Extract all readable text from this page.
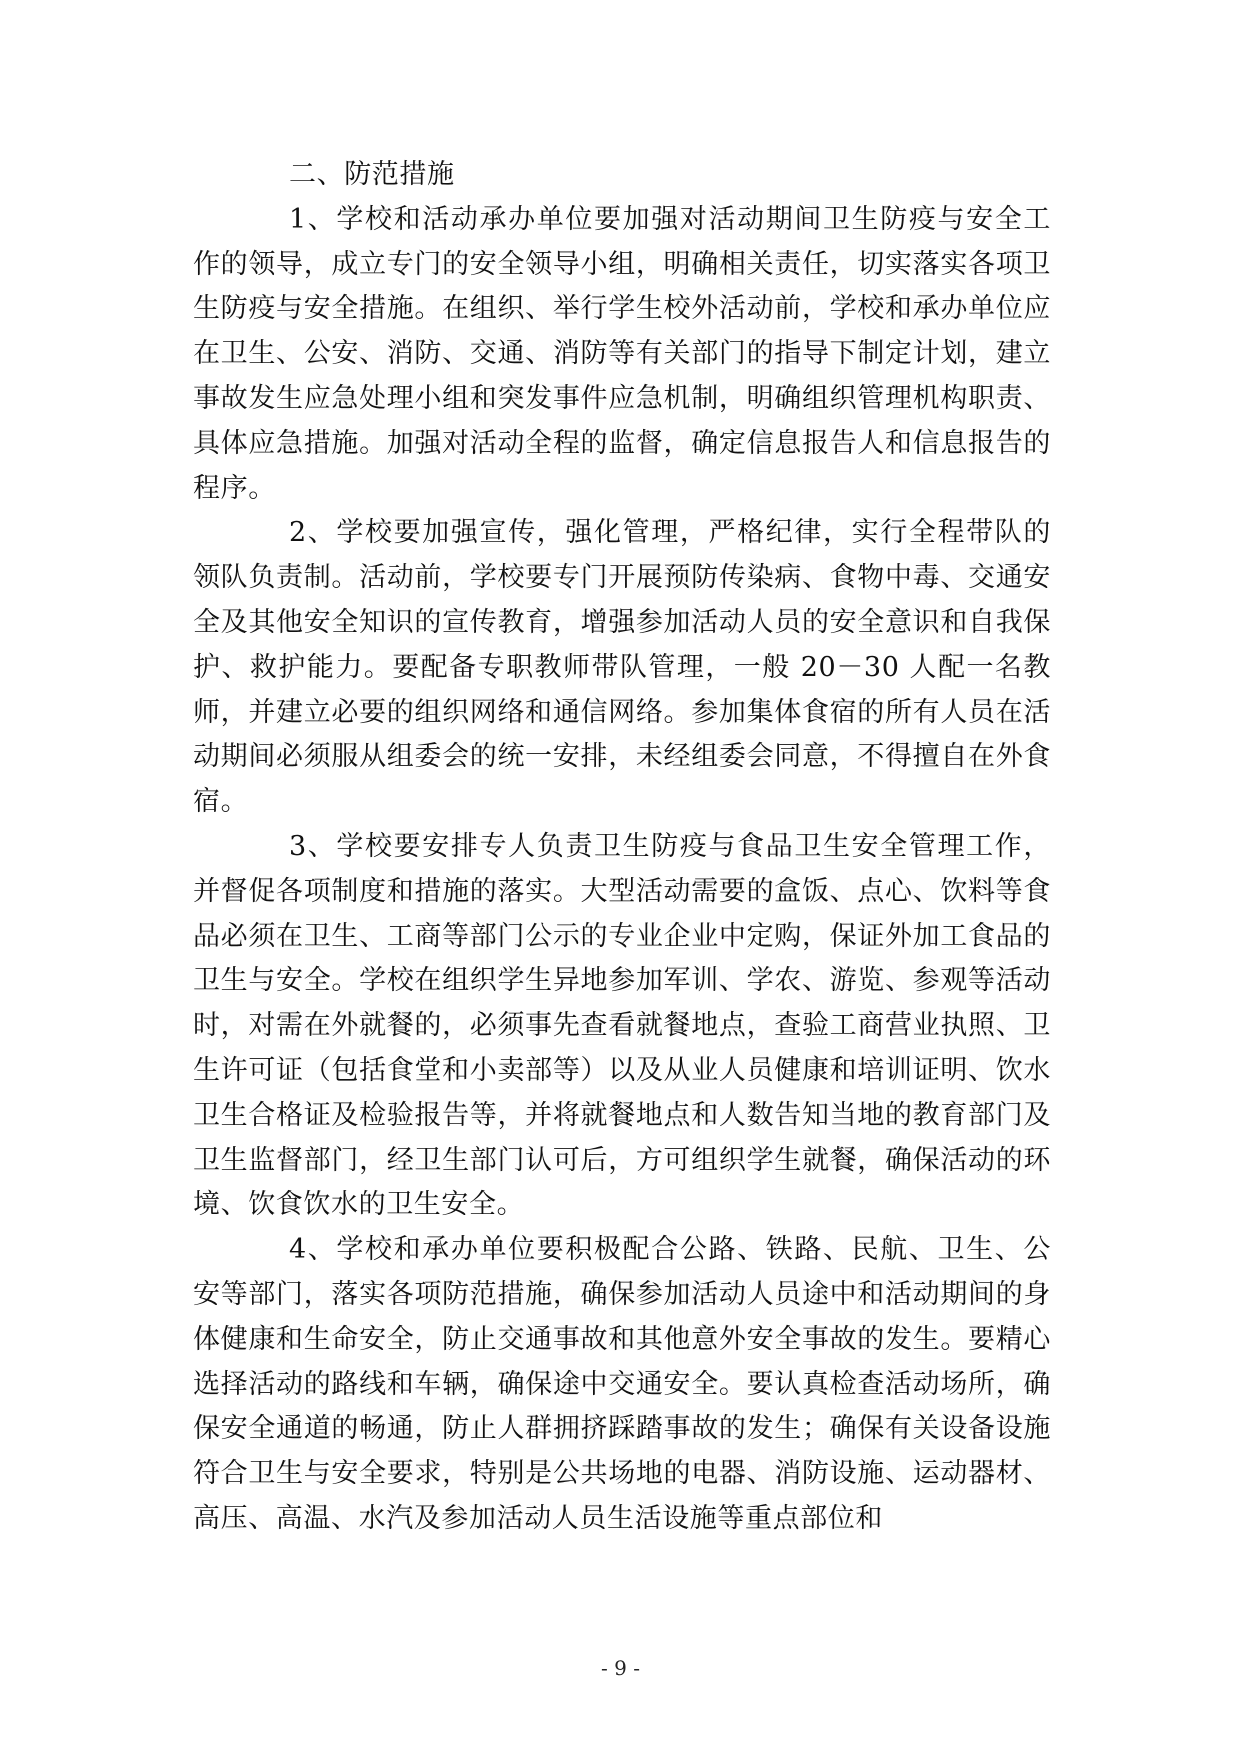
二、防范措施

1、学校和活动承办单位要加强对活动期间卫生防疫与安全工作的领导，成立专门的安全领导小组，明确相关责任，切实落实各项卫生防疫与安全措施。在组织、举行学生校外活动前，学校和承办单位应在卫生、公安、消防、交通、消防等有关部门的指导下制定计划，建立事故发生应急处理小组和突发事件应急机制，明确组织管理机构职责、具体应急措施。加强对活动全程的监督，确定信息报告人和信息报告的程序。

2、学校要加强宣传，强化管理，严格纪律，实行全程带队的领队负责制。活动前，学校要专门开展预防传染病、食物中毒、交通安全及其他安全知识的宣传教育，增强参加活动人员的安全意识和自我保护、救护能力。要配备专职教师带队管理，一般 20－30 人配一名教师，并建立必要的组织网络和通信网络。参加集体食宿的所有人员在活动期间必须服从组委会的统一安排，未经组委会同意，不得擅自在外食宿。

3、学校要安排专人负责卫生防疫与食品卫生安全管理工作，并督促各项制度和措施的落实。大型活动需要的盒饭、点心、饮料等食品必须在卫生、工商等部门公示的专业企业中定购，保证外加工食品的卫生与安全。学校在组织学生异地参加军训、学农、游览、参观等活动时，对需在外就餐的，必须事先查看就餐地点，查验工商营业执照、卫生许可证（包括食堂和小卖部等）以及从业人员健康和培训证明、饮水卫生合格证及检验报告等，并将就餐地点和人数告知当地的教育部门及卫生监督部门，经卫生部门认可后，方可组织学生就餐，确保活动的环境、饮食饮水的卫生安全。

4、学校和承办单位要积极配合公路、铁路、民航、卫生、公安等部门，落实各项防范措施，确保参加活动人员途中和活动期间的身体健康和生命安全，防止交通事故和其他意外安全事故的发生。要精心选择活动的路线和车辆，确保途中交通安全。要认真检查活动场所，确保安全通道的畅通，防止人群拥挤踩踏事故的发生；确保有关设备设施符合卫生与安全要求，特别是公共场地的电器、消防设施、运动器材、高压、高温、水汽及参加活动人员生活设施等重点部位和

- 9 -
